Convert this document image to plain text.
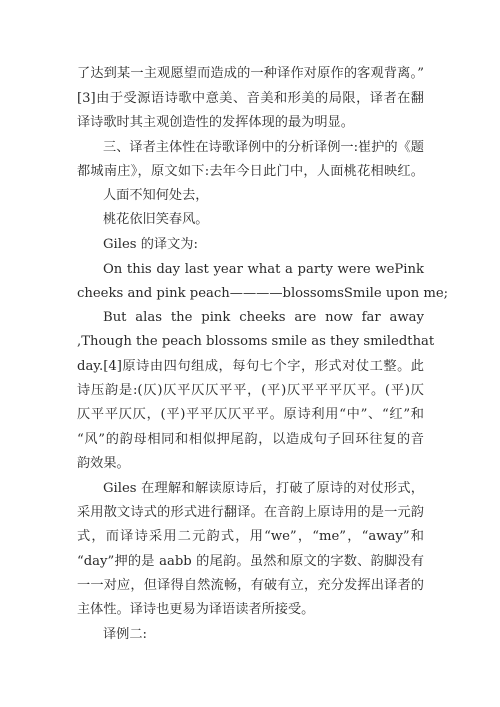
了达到某一主观愿望而造成的一种译作对原作的客观背离。”
[3]由于受源语诗歌中意美、音美和形美的局限，译者在翻
译诗歌时其主观创造性的发挥体现的最为明显。
三、译者主体性在诗歌译例中的分析译例一:崔护的《题
都城南庄》，原文如下:去年今日此门中，人面桃花相映红。
人面不知何处去，
桃花依旧笑春风。
Giles 的译文为:
On this day last year what a party were wePink
cheeks and pink peach————blossomsSmile upon me;
But alas the pink cheeks are now far away
,Though the peach blossoms smile as they smiledthat
day.[4]原诗由四句组成，每句七个字，形式对仗工整。此
诗压韵是:(仄)仄平仄仄平平，(平)仄平平平仄平。(平)仄
仄平平仄仄，(平)平平仄仄平平。原诗利用“中”、“红”和
“风”的韵母相同和相似押尾韵，以造成句子回环往复的音
韵效果。
Giles 在理解和解读原诗后，打破了原诗的对仗形式，
采用散文诗式的形式进行翻译。在音韵上原诗用的是一元韵
式，而译诗采用二元韵式，用“we”，“me”，“away”和
“day”押的是 aabb 的尾韵。虽然和原文的字数、韵脚没有
一一对应，但译得自然流畅，有破有立，充分发挥出译者的
主体性。译诗也更易为译语读者所接受。
译例二:
